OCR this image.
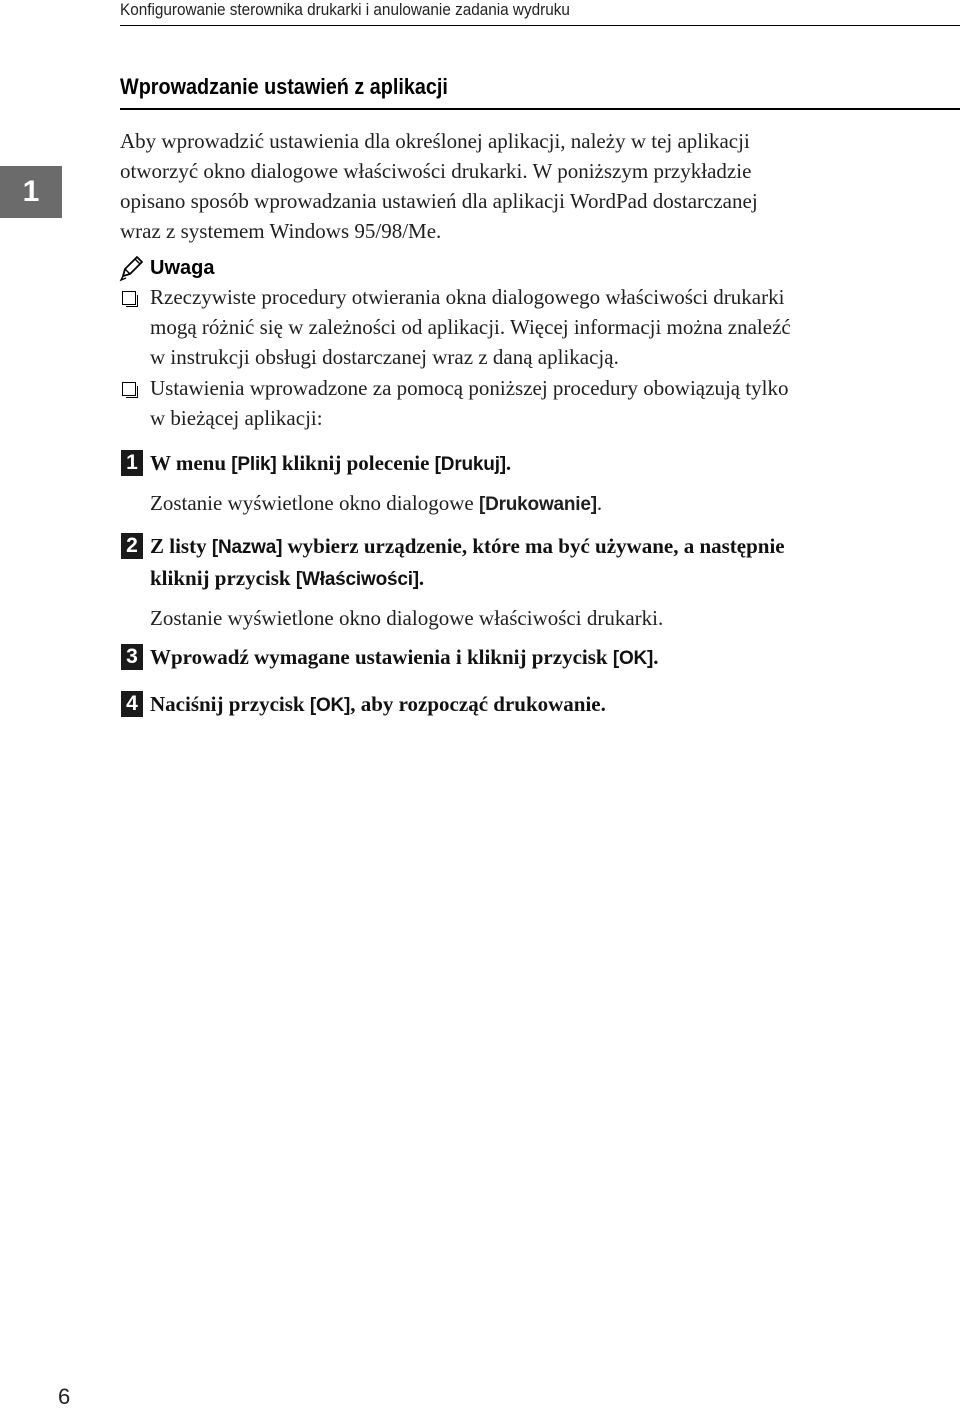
Konfigurowanie sterownika drukarki i anulowanie zadania wydruku
1
Wprowadzanie ustawień z aplikacji

Aby wprowadzić ustawienia dla określonej aplikacji, należy w tej aplikacji

otworzyć okno dialogowe właściwości drukarki. W poniższym przykładzie

opisano sposób wprowadzania ustawień dla aplikacji WordPad dostarczanej

wraz z systemem Windows 95/98/Me.

Uwaga
Rzeczywiste procedury otwierania okna dialogowego właściwości drukarki
mogą różnić się w zależności od aplikacji. Więcej informacji można znaleźć
w instrukcji obsługi dostarczanej wraz z daną aplikacją.
Ustawienia wprowadzone za pomocą poniższej procedury obowiązują tylko
w bieżącej aplikacji:
1 W menu [Plik] kliknij polecenie [Drukuj].
Zostanie wyświetlone okno dialogowe [Drukowanie].
2 Z listy [Nazwa] wybierz urządzenie, które ma być używane, a następnie
kliknij przycisk [Właściwości].
Zostanie wyświetlone okno dialogowe właściwości drukarki.
3 Wprowadź wymagane ustawienia i kliknij przycisk [OK].
4 Naciśnij przycisk [OK], aby rozpocząć drukowanie.
6
